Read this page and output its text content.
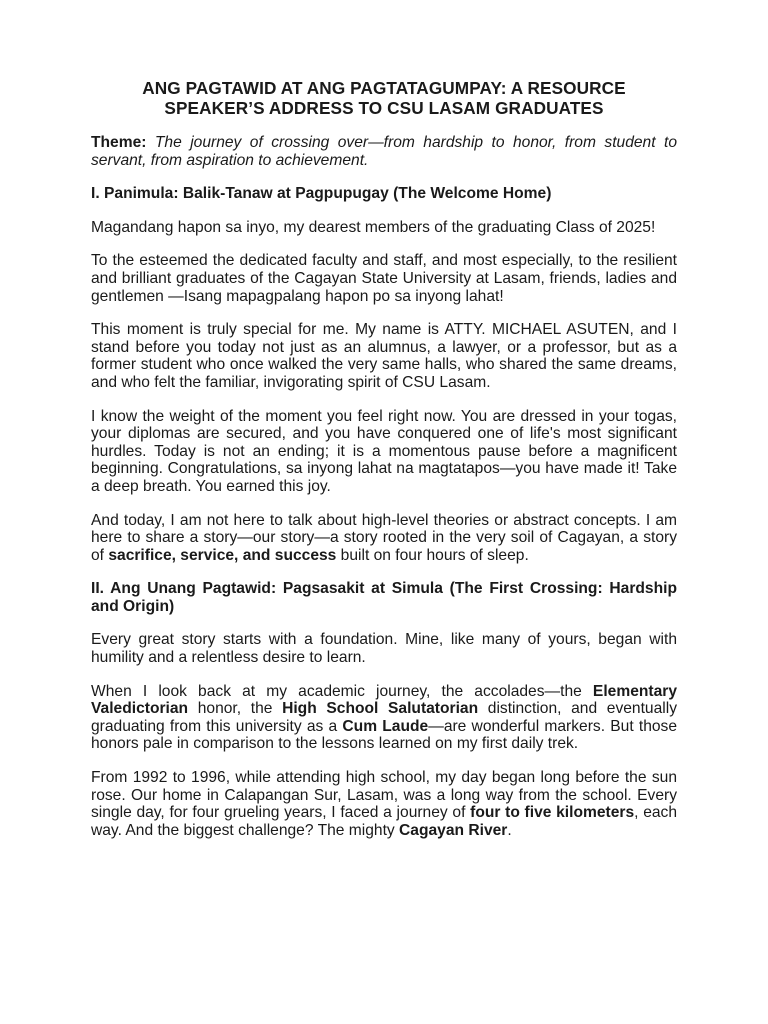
ANG PAGTAWID AT ANG PAGTATAGUMPAY: A RESOURCE
SPEAKER’S ADDRESS TO CSU LASAM GRADUATES

Theme: The journey of crossing over—from hardship to honor, from student to servant, from aspiration to achievement.

I. Panimula: Balik-Tanaw at Pagpupugay (The Welcome Home)

Magandang hapon sa inyo, my dearest members of the graduating Class of 2025!

To the esteemed the dedicated faculty and staff, and most especially, to the resilient and brilliant graduates of the Cagayan State University at Lasam, friends, ladies and gentlemen —Isang mapagpalang hapon po sa inyong lahat!

This moment is truly special for me. My name is ATTY. MICHAEL ASUTEN, and I stand before you today not just as an alumnus, a lawyer, or a professor, but as a former student who once walked the very same halls, who shared the same dreams, and who felt the familiar, invigorating spirit of CSU Lasam.

I know the weight of the moment you feel right now. You are dressed in your togas, your diplomas are secured, and you have conquered one of life's most significant hurdles. Today is not an ending; it is a momentous pause before a magnificent beginning. Congratulations, sa inyong lahat na magtatapos—you have made it! Take a deep breath. You earned this joy.

And today, I am not here to talk about high-level theories or abstract concepts. I am here to share a story—our story—a story rooted in the very soil of Cagayan, a story of sacrifice, service, and success built on four hours of sleep.

II. Ang Unang Pagtawid: Pagsasakit at Simula (The First Crossing: Hardship and Origin)

Every great story starts with a foundation. Mine, like many of yours, began with humility and a relentless desire to learn.

When I look back at my academic journey, the accolades—the Elementary Valedictorian honor, the High School Salutatorian distinction, and eventually graduating from this university as a Cum Laude—are wonderful markers. But those honors pale in comparison to the lessons learned on my first daily trek.

From 1992 to 1996, while attending high school, my day began long before the sun rose. Our home in Calapangan Sur, Lasam, was a long way from the school. Every single day, for four grueling years, I faced a journey of four to five kilometers, each way. And the biggest challenge? The mighty Cagayan River.
